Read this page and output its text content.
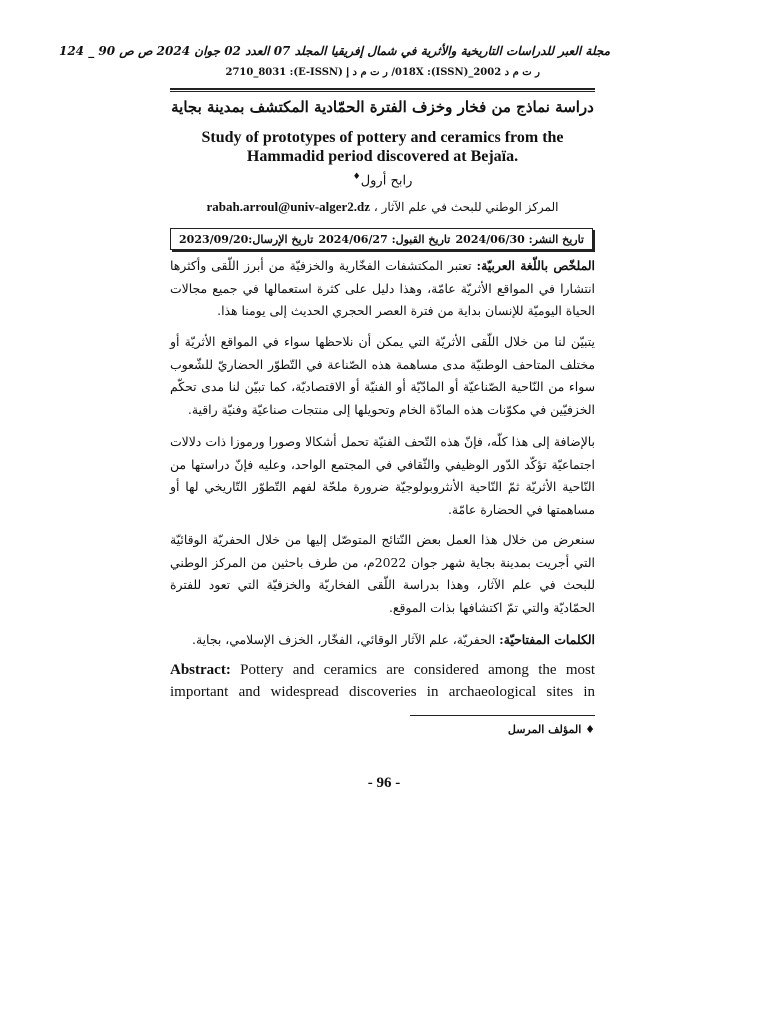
مجلة العبر للدراسات التاريخية والأثرية في شمال إفريقيا المجلد 07 العدد 02 جوان 2024 ص ص 90 _ 124
ر ت م د 2002_018X :(ISSN)/ ر ت م د إ (E-ISSN): 2710_8031
دراسة نماذج من فخار وخزف الفترة الحمّادية المكتشف بمدينة بجاية
Study of prototypes of pottery and ceramics from the Hammadid period discovered at Bejaïa.
رابح أرول♦
المركز الوطني للبحث في علم الآثار ، rabah.arroul@univ-alger2.dz
تاريخ الإرسال:2023/09/20 تاريخ القبول: 2024/06/27 تاريخ النشر: 2024/06/30
الملخّص باللّغة العربيّة: تعتبر المكتشفات الفخّارية والخزفيّة من أبرز اللّقى وأكثرها انتشارا في المواقع الأثريّة عامّة، وهذا دليل على كثرة استعمالها في جميع مجالات الحياة اليوميّة للإنسان بداية من فترة العصر الحجري الحديث إلى يومنا هذا.
يتبيّن لنا من خلال اللّقى الأثريّة التي يمكن أن نلاحظها سواء في المواقع الأثريّة أو مختلف المتاحف الوطنيّة مدى مساهمة هذه الصّناعة في التّطوّر الحضاريّ للشّعوب سواء من النّاحية الصّناعيّة أو المادّيّة أو الفنيّة أو الاقتصاديّة، كما تبيّن لنا مدى تحكّم الخزفيّين في مكوّنات هذه المادّة الخام وتحويلها إلى منتجات صناعيّة وفنيّة راقية.
بالإضافة إلى هذا كلّه، فإنّ هذه التّحف الفنيّة تحمل أشكالا وصورا ورموزا ذات دلالات اجتماعيّة تؤكّد الدّور الوظيفي والثّقافي في المجتمع الواحد، وعليه فإنّ دراستها من النّاحية الأثريّة ثمّ النّاحية الأنثروبولوجيّة ضرورة ملحّة لفهم التّطوّر التّاريخي لها أو مساهمتها في الحضارة عامّة.
سنعرض من خلال هذا العمل بعض النّتائج المتوصّل إليها من خلال الحفريّة الوقائيّة التي أجريت بمدينة بجاية شهر جوان 2022م، من طرف باحثين من المركز الوطني للبحث في علم الآثار، وهذا بدراسة اللّقى الفخاريّة والخزفيّة التي تعود للفترة الحمّاديّة والتي تمّ اكتشافها بذات الموقع.
الكلمات المفتاحيّة: الحفريّة، علم الآثار الوقائي، الفخّار، الخزف الإسلامي، بجاية.
Abstract: Pottery and ceramics are considered among the most important and widespread discoveries in archaeological sites in
♦ المؤلف المرسل
- 96 -
